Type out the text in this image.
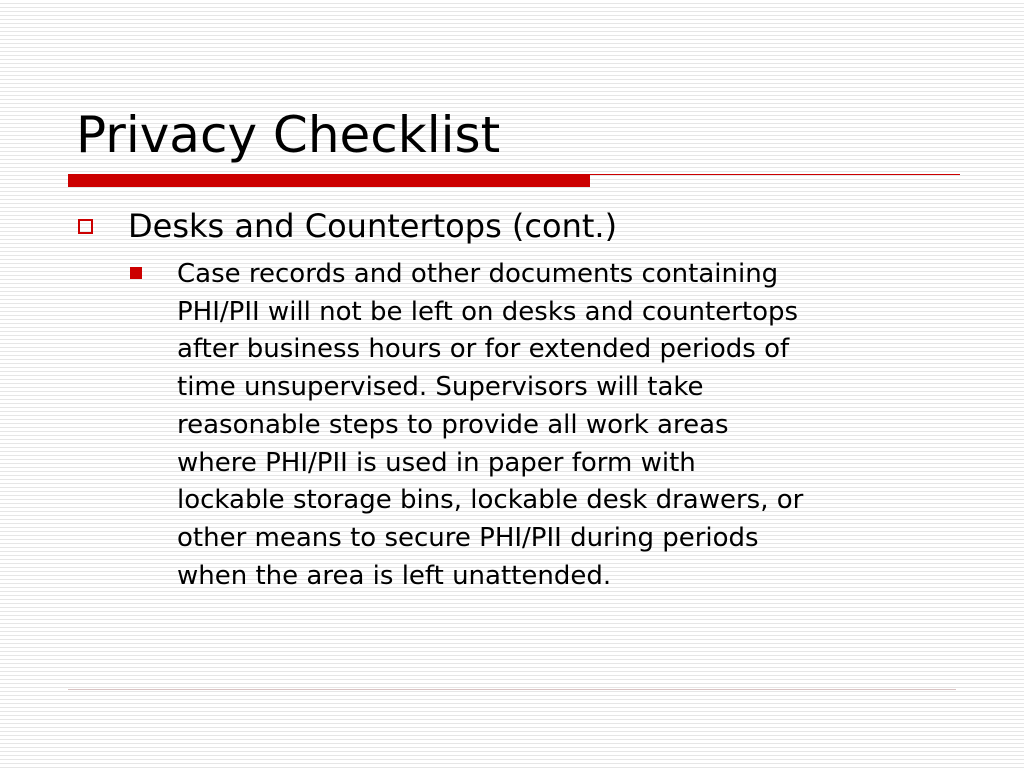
Privacy Checklist
Desks and Countertops (cont.)
Case records and other documents containing
PHI/PII will not be left on desks and countertops
after business hours or for extended periods of
time unsupervised. Supervisors will take
reasonable steps to provide all work areas
where PHI/PII is used in paper form with
lockable storage bins, lockable desk drawers, or
other means to secure PHI/PII during periods
when the area is left unattended.
